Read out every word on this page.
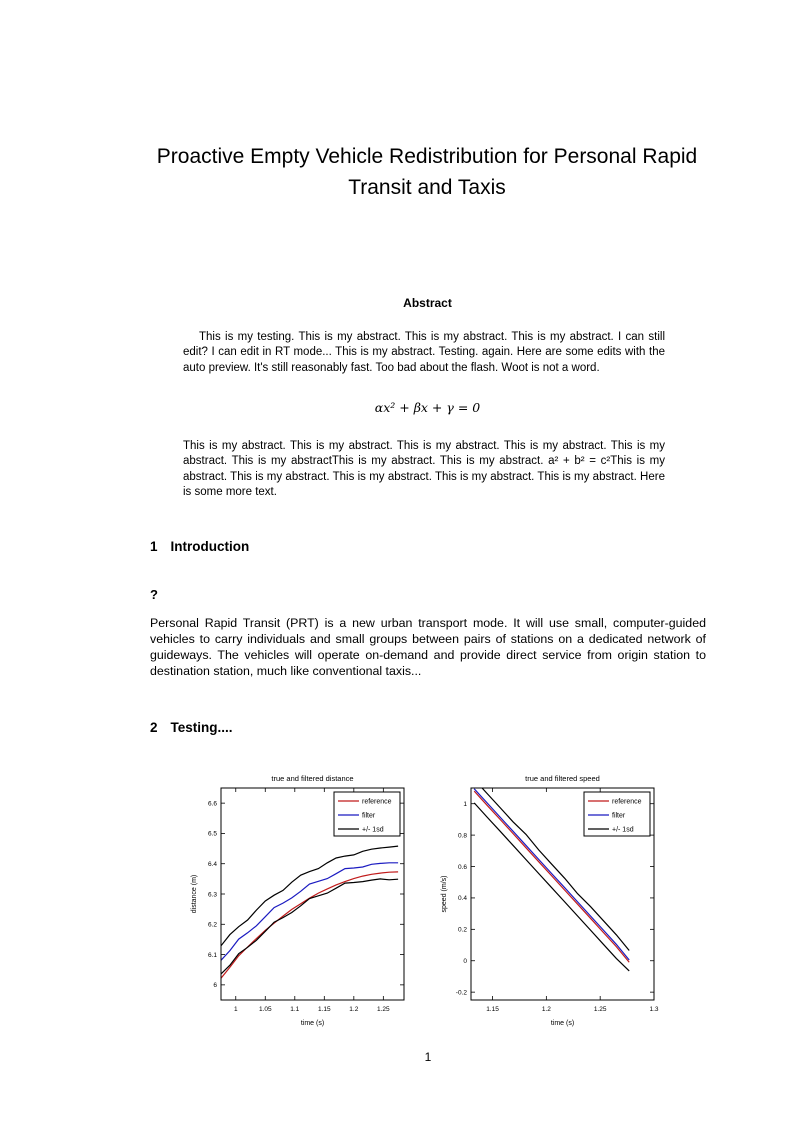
Proactive Empty Vehicle Redistribution for Personal Rapid Transit and Taxis
Abstract

This is my testing. This is my abstract. This is my abstract. This is my abstract. I can still edit? I can edit in RT mode... This is my abstract. Testing. again. Here are some edits with the auto preview. It's still reasonably fast. Too bad about the flash. Woot is not a word.

αx² + βx + γ = 0

This is my abstract. This is my abstract. This is my abstract. This is my abstract. This is my abstract. This is my abstractThis is my abstract. This is my abstract. a² + b² = c²This is my abstract. This is my abstract. This is my abstract. This is my abstract. This is my abstract. Here is some more text.

1 Introduction
?

Personal Rapid Transit (PRT) is a new urban transport mode. It will use small, computer-guided vehicles to carry individuals and small groups between pairs of stations on a dedicated network of guideways. The vehicles will operate on-demand and provide direct service from origin station to destination station, much like conventional taxis...

2 Testing....
1	1.05	1.1	1.15	1.2	1.25
6
6.1
6.2
6.3
6.4
6.5
6.6
true and filtered distance
time (s)
distance (m)
reference
filter
+/- 1sd
1.15	1.2	1.25	1.3
-0.2
0
0.2
0.4
0.6
0.8
1
true and filtered speed
time (s)
speed (m/s)
reference
filter
+/- 1sd
1
